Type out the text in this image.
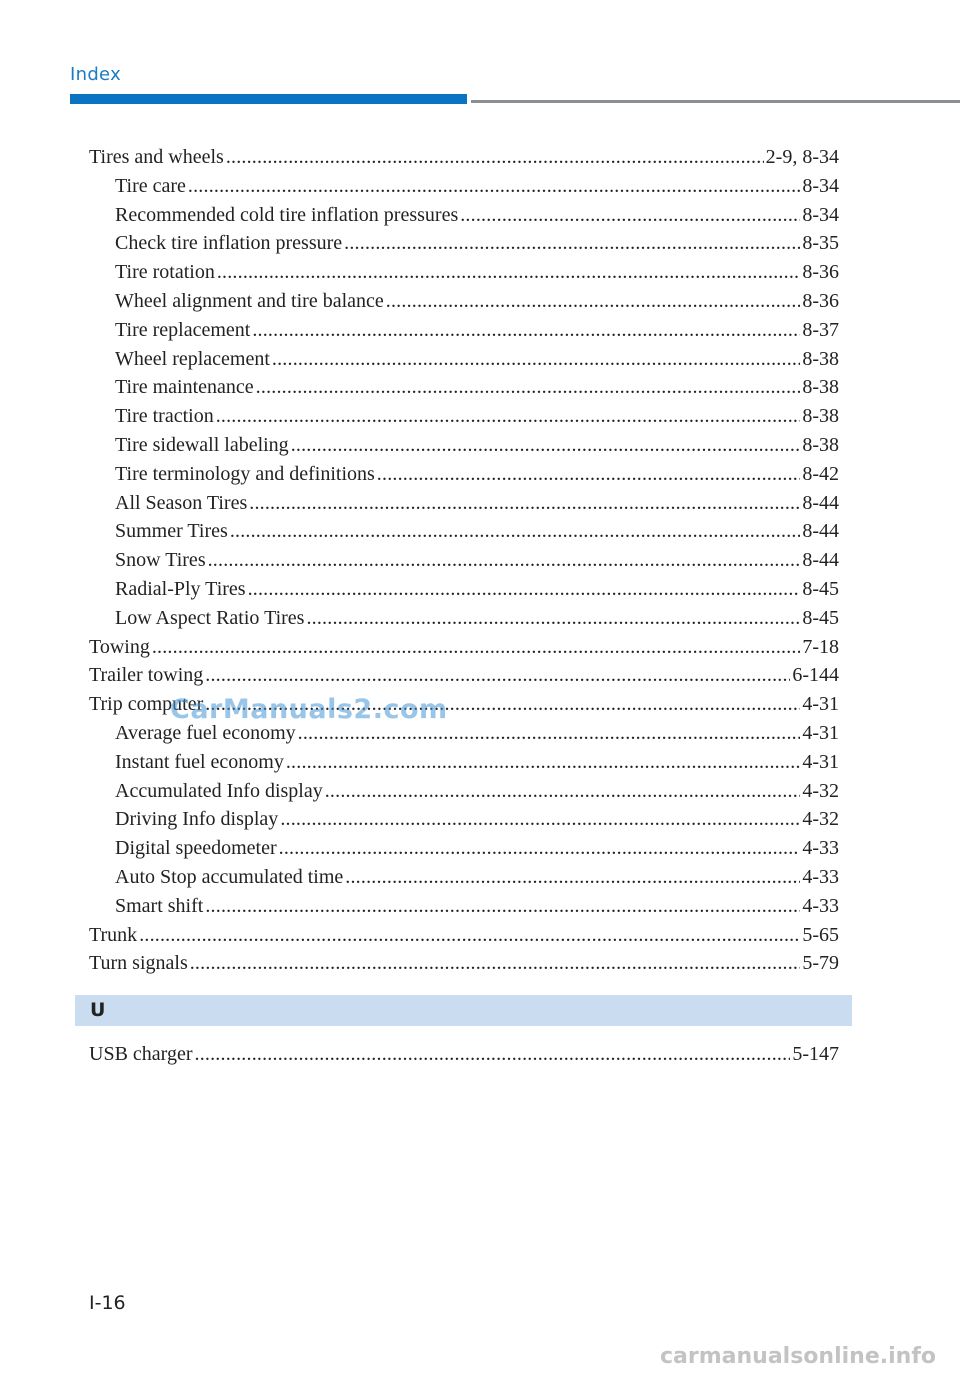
Index
Tires and wheels .....	2-9, 8-34
Tire care .....	8-34
Recommended cold tire inflation pressures .....	8-34
Check tire inflation pressure .....	8-35
Tire rotation .....	8-36
Wheel alignment and tire balance .....	8-36
Tire replacement .....	8-37
Wheel replacement .....	8-38
Tire maintenance .....	8-38
Tire traction .....	8-38
Tire sidewall labeling .....	8-38
Tire terminology and definitions .....	8-42
All Season Tires .....	8-44
Summer Tires .....	8-44
Snow Tires .....	8-44
Radial-Ply Tires .....	8-45
Low Aspect Ratio Tires .....	8-45
Towing .....	7-18
Trailer towing .....	6-144
Trip computer .....	4-31
Average fuel economy .....	4-31
Instant fuel economy .....	4-31
Accumulated Info display .....	4-32
Driving Info display .....	4-32
Digital speedometer .....	4-33
Auto Stop accumulated time .....	4-33
Smart shift .....	4-33
Trunk .....	5-65
Turn signals .....	5-79
U
USB charger .....	5-147
I-16
CarManuals2.com
carmanualsonline.info
